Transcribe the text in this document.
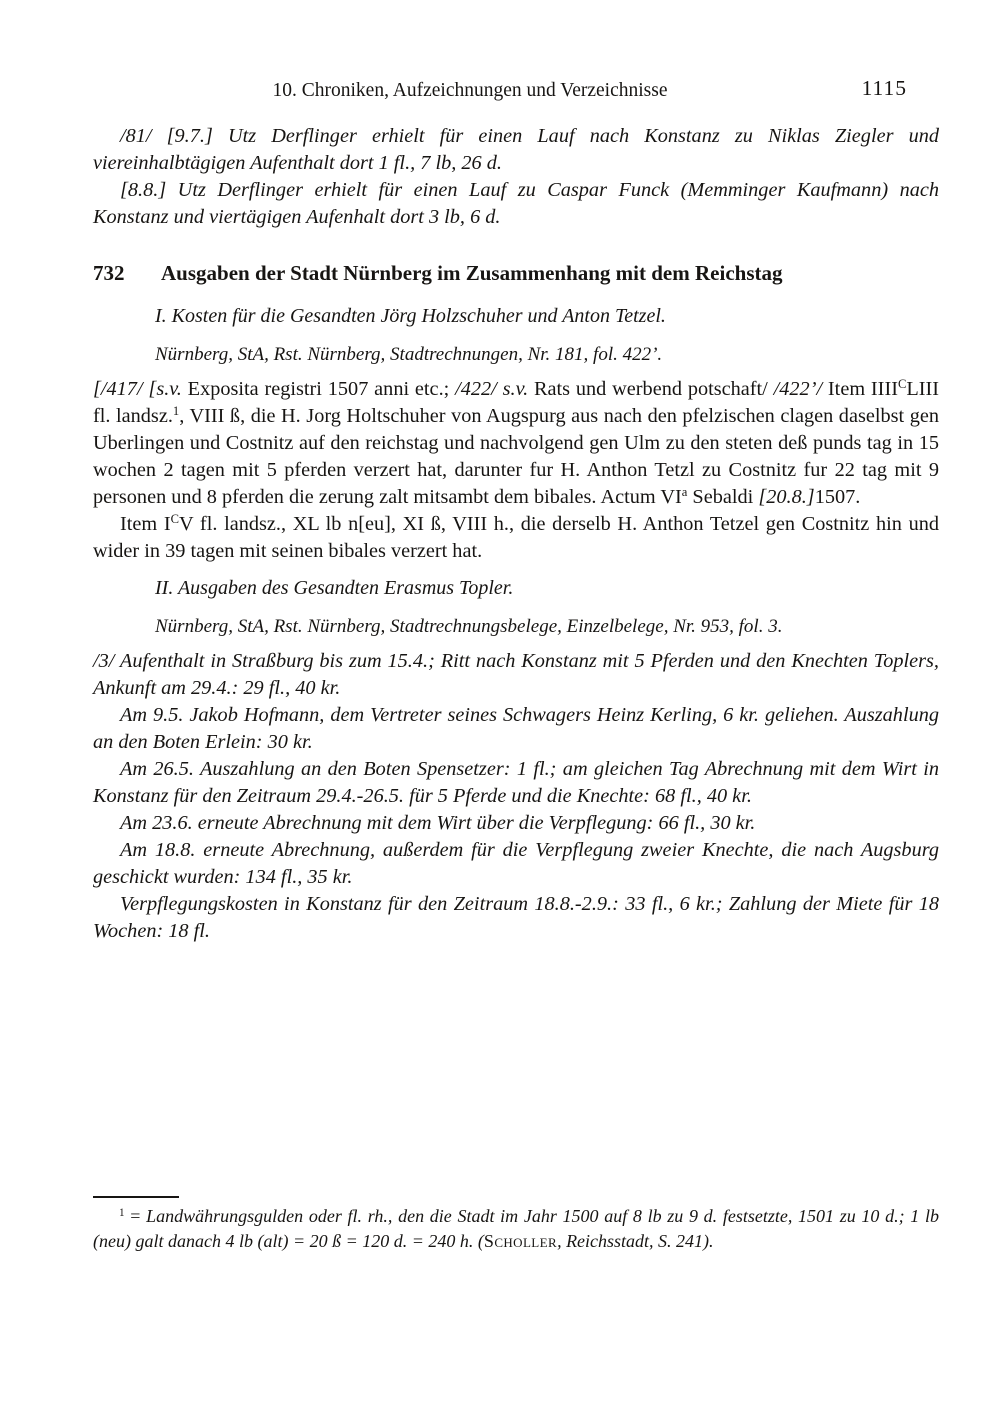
10. Chroniken, Aufzeichnungen und Verzeichnisse	1115

/81/ [9.7.] Utz Derflinger erhielt für einen Lauf nach Konstanz zu Niklas Ziegler und viereinhalbtägigen Aufenthalt dort 1 fl., 7 lb, 26 d.

[8.8.] Utz Derflinger erhielt für einen Lauf zu Caspar Funck (Memminger Kaufmann) nach Konstanz und viertägigen Aufenhalt dort 3 lb, 6 d.

732	Ausgaben der Stadt Nürnberg im Zusammenhang mit dem Reichstag

I. Kosten für die Gesandten Jörg Holzschuher und Anton Tetzel.

Nürnberg, StA, Rst. Nürnberg, Stadtrechnungen, Nr. 181, fol. 422’.

[/417/ [s.v. Exposita registri 1507 anni etc.; /422/ s.v. Rats und werbend potschaft/ /422’/ Item $IIII^CLIII$ fl. landsz.$^1$, VIII ß, die H. Jorg Holtschuher von Augspurg aus nach den pfelzischen clagen daselbst gen Uberlingen und Costnitz auf den reichstag und nachvolgend gen Ulm zu den steten deß punds tag in 15 wochen 2 tagen mit 5 pferden verzert hat, darunter fur H. Anthon Tetzl zu Costnitz fur 22 tag mit 9 personen und 8 pferden die zerung zalt mitsambt dem bibales. Actum $VI^a$ Sebaldi [20.8.]1507.

Item $I^CV$ fl. landsz., XL lb n[eu], XI ß, VIII h., die derselb H. Anthon Tetzel gen Costnitz hin und wider in 39 tagen mit seinen bibales verzert hat.

II. Ausgaben des Gesandten Erasmus Topler.

Nürnberg, StA, Rst. Nürnberg, Stadtrechnungsbelege, Einzelbelege, Nr. 953, fol. 3.

/3/ Aufenthalt in Straßburg bis zum 15.4.; Ritt nach Konstanz mit 5 Pferden und den Knechten Toplers, Ankunft am 29.4.: 29 fl., 40 kr.

Am 9.5. Jakob Hofmann, dem Vertreter seines Schwagers Heinz Kerling, 6 kr. geliehen. Auszahlung an den Boten Erlein: 30 kr.

Am 26.5. Auszahlung an den Boten Spensetzer: 1 fl.; am gleichen Tag Abrechnung mit dem Wirt in Konstanz für den Zeitraum 29.4.-26.5. für 5 Pferde und die Knechte: 68 fl., 40 kr.

Am 23.6. erneute Abrechnung mit dem Wirt über die Verpflegung: 66 fl., 30 kr.

Am 18.8. erneute Abrechnung, außerdem für die Verpflegung zweier Knechte, die nach Augsburg geschickt wurden: 134 fl., 35 kr.

Verpflegungskosten in Konstanz für den Zeitraum 18.8.-2.9.: 33 fl., 6 kr.; Zahlung der Miete für 18 Wochen: 18 fl.

$^1$ = Landwährungsgulden oder fl. rh., den die Stadt im Jahr 1500 auf 8 lb zu 9 d. festsetzte, 1501 zu 10 d.; 1 lb (neu) galt danach 4 lb (alt) = 20 ß = 120 d. = 240 h. (Scholler, Reichsstadt, S. 241).
